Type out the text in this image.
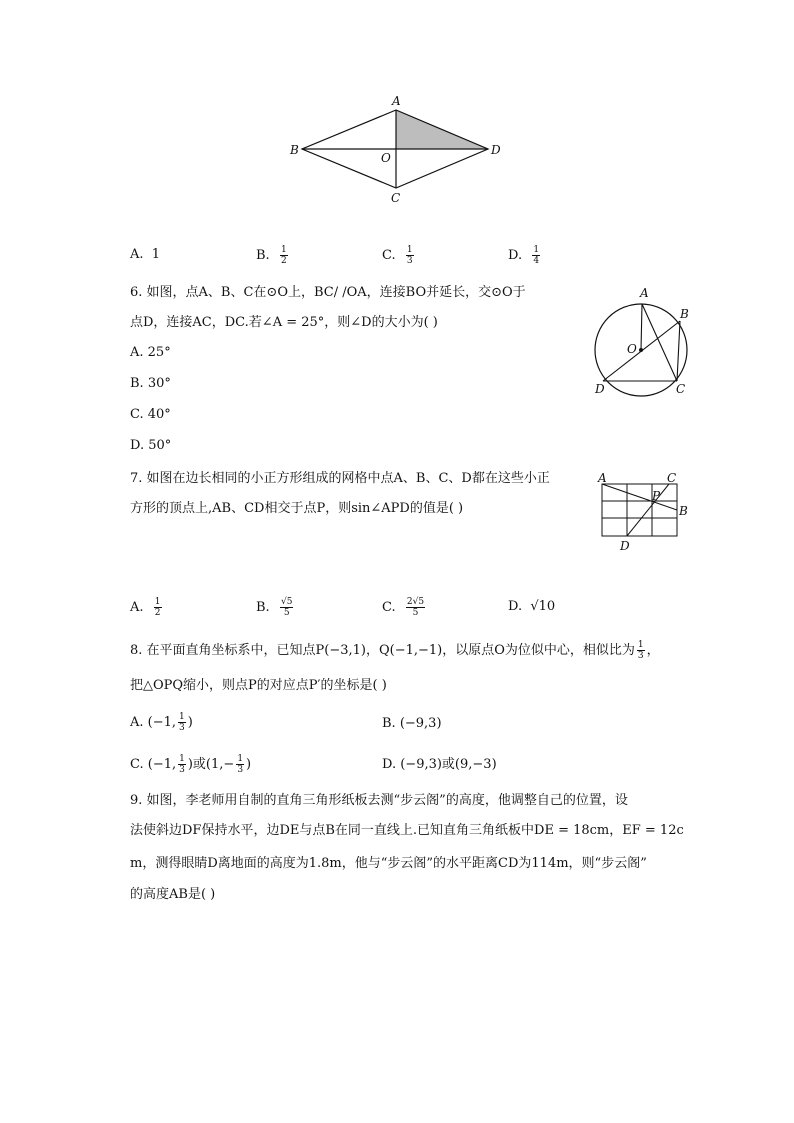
A
B
C
D
O
A. 1	B. $\frac{1}{2}$	C. $\frac{1}{3}$	D. $\frac{1}{4}$
6. 如图，点A、B、C在⊙O上，BC/ /OA，连接BO并延长，交⊙O于
点D，连接AC，DC.若∠A = 25°，则∠D的大小为( )
A. 25°
B. 30°
C. 40°
D. 50°
A
B
O
D	C
7. 如图在边长相同的小正方形组成的网格中点A、B、C、D都在这些小正
方形的顶点上,AB、CD相交于点P，则sin∠APD的值是( )
A	C
P
B
D
A. $\frac{1}{2}$	B. $\frac{√5}{5}$	C. $\frac{2√5}{5}$	D. √10
8. 在平面直角坐标系中，已知点P(−3,1)，Q(−1,−1)，以原点O为位似中心，相似比为 $\frac{1}{3}$ ，
把△OPQ缩小，则点P的对应点P′的坐标是( )
A. (−1, $\frac{1}{3}$ )	B. (−9,3)
C. (−1, $\frac{1}{3}$ )或($1,- \frac{1}{3}$ )	D. (−9,3)或(9,−3)
9. 如图，李老师用自制的直角三角形纸板去测“步云阁”的高度，他调整自己的位置，设
法使斜边DF保持水平，边DE与点B在同一直线上.已知直角三角纸板中DE = 18cm，EF = 12c
m，测得眼睛D离地面的高度为1.8m，他与“步云阁”的水平距离CD为114m，则“步云阁”
的高度AB是( )
